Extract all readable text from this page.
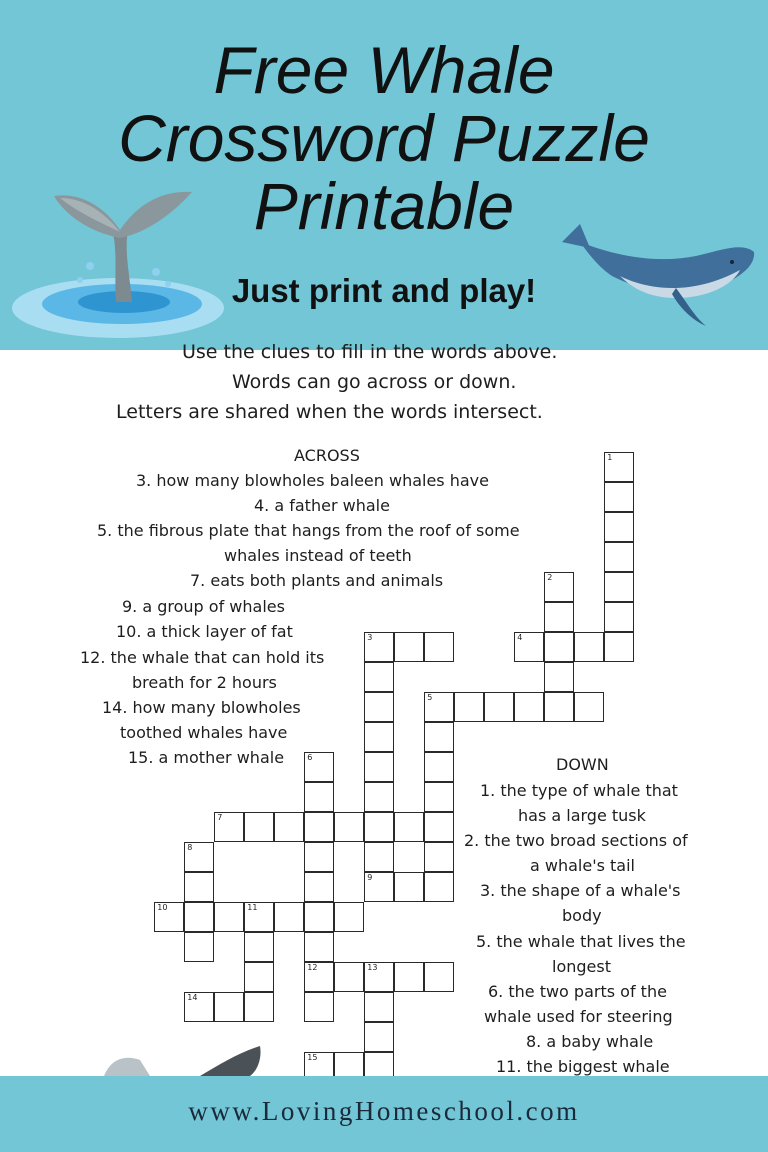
Free Whale
Crossword Puzzle
Printable
Just print and play!
Use the clues to fill in the words above.
Words can go across or down.
Letters are shared when the words intersect.
ACROSS
3. how many blowholes baleen whales have
4. a father whale
5. the fibrous plate that hangs from the roof of some
whales instead of teeth
7. eats both plants and animals
9. a group of whales
10. a thick layer of fat
12. the whale that can hold its
breath for 2 hours
14. how many blowholes
toothed whales have
15. a mother whale	DOWN
1. the type of whale that
has a large tusk
2. the two broad sections of
a whale's tail
3. the shape of a whale's
body
5. the whale that lives the
longest
6. the two parts of the
whale used for steering
8. a baby whale
11. the biggest whale
1
2
3	4
5
6
12
7
8
9
10	11
13
14
15
www.LovingHomeschool.com
